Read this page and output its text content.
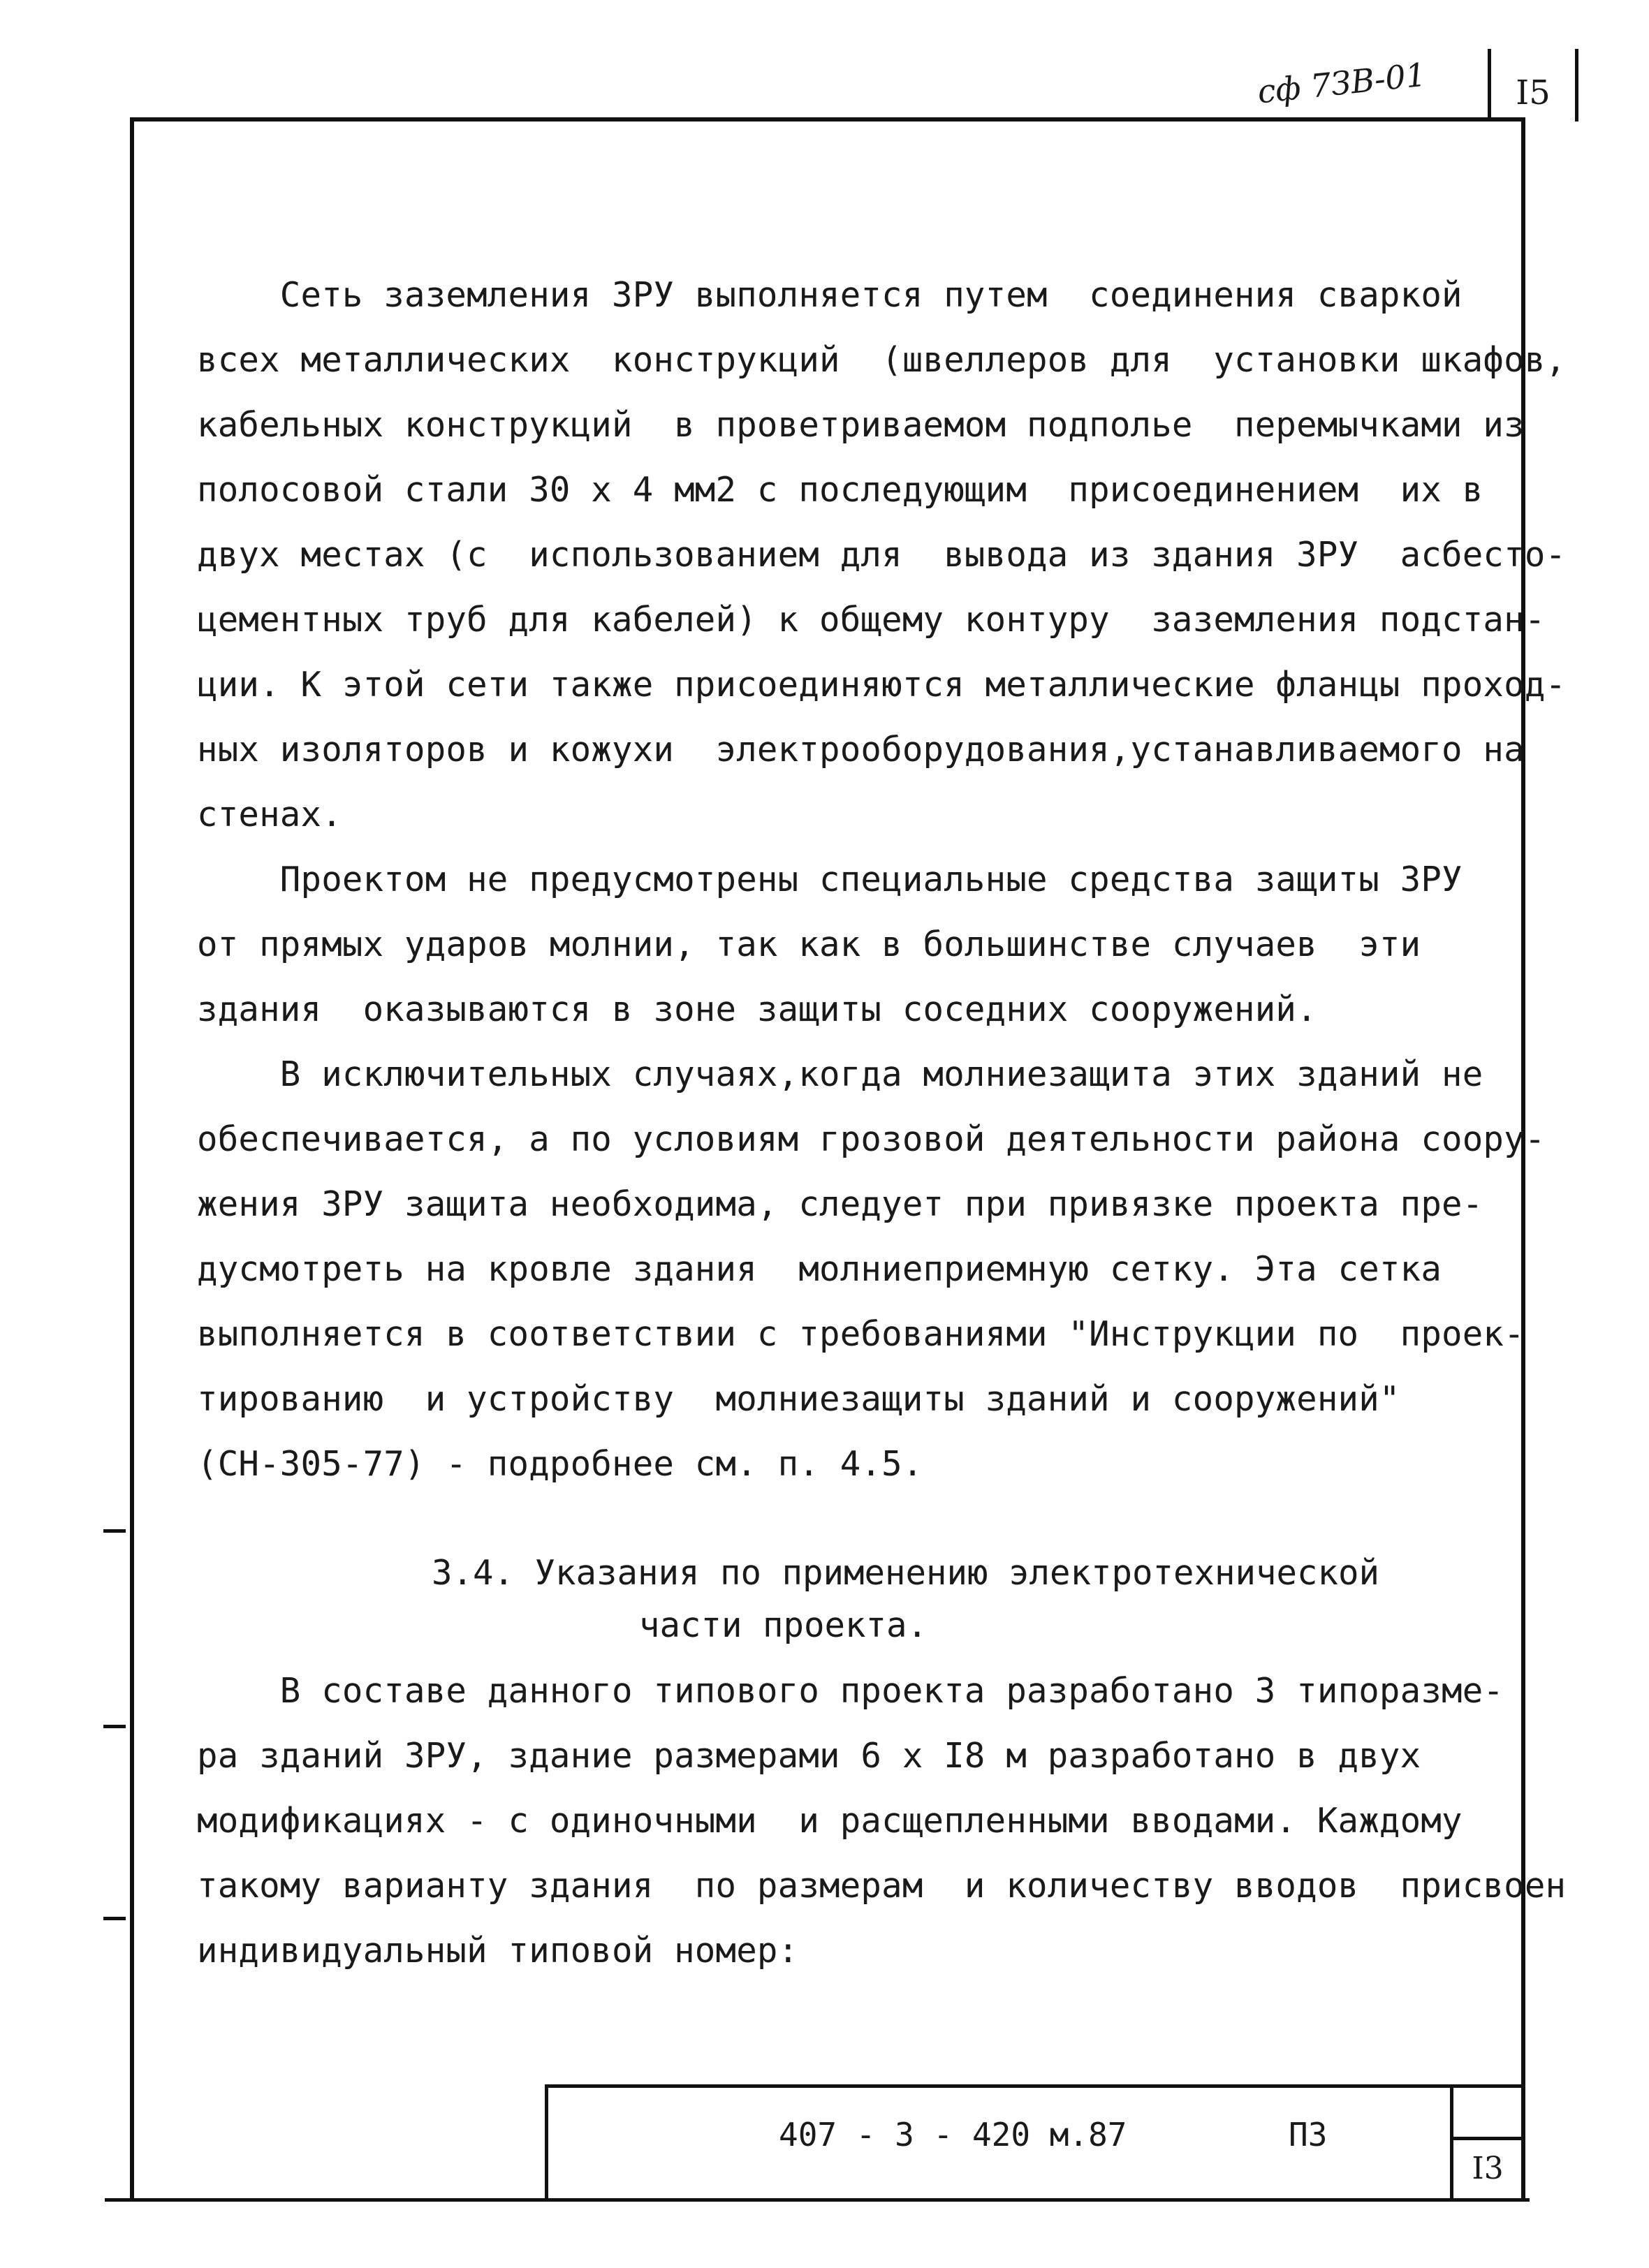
I5
сф 7ЗВ-01
Сеть заземления ЗРУ выполняется путем  соединения сваркой
всех металлических  конструкций  (швеллеров для  установки шкафов,
кабельных конструкций  в проветриваемом подполье  перемычками из
полосовой стали 30 х 4 мм2 с последующим  присоединением  их в
двух местах (с  использованием для  вывода из здания ЗРУ  асбесто-
цементных труб для кабелей) к общему контуру  заземления подстан-
ции. К этой сети также присоединяются металлические фланцы проход-
ных изоляторов и кожухи  электрооборудования,устанавливаемого на
стенах.
Проектом не предусмотрены специальные средства защиты ЗРУ
от прямых ударов молнии, так как в большинстве случаев  эти
здания  оказываются в зоне защиты соседних сооружений.
В исключительных случаях,когда молниезащита этих зданий не
обеспечивается, а по условиям грозовой деятельности района соору-
жения ЗРУ защита необходима, следует при привязке проекта пре-
дусмотреть на кровле здания  молниеприемную сетку. Эта сетка
выполняется в соответствии с требованиями "Инструкции по  проек-
тированию  и устройству  молниезащиты зданий и сооружений"
(СН-305-77) - подробнее см. п. 4.5.
3.4. Указания по применению электротехнической
части проекта.
В составе данного типового проекта разработано 3 типоразме-
ра зданий ЗРУ, здание размерами 6 х I8 м разработано в двух
модификациях - с одиночными  и расщепленными вводами. Каждому
такому варианту здания  по размерам  и количеству вводов  присвоен
индивидуальный типовой номер:
407 - 3 - 420 м.87	ПЗ
I3
